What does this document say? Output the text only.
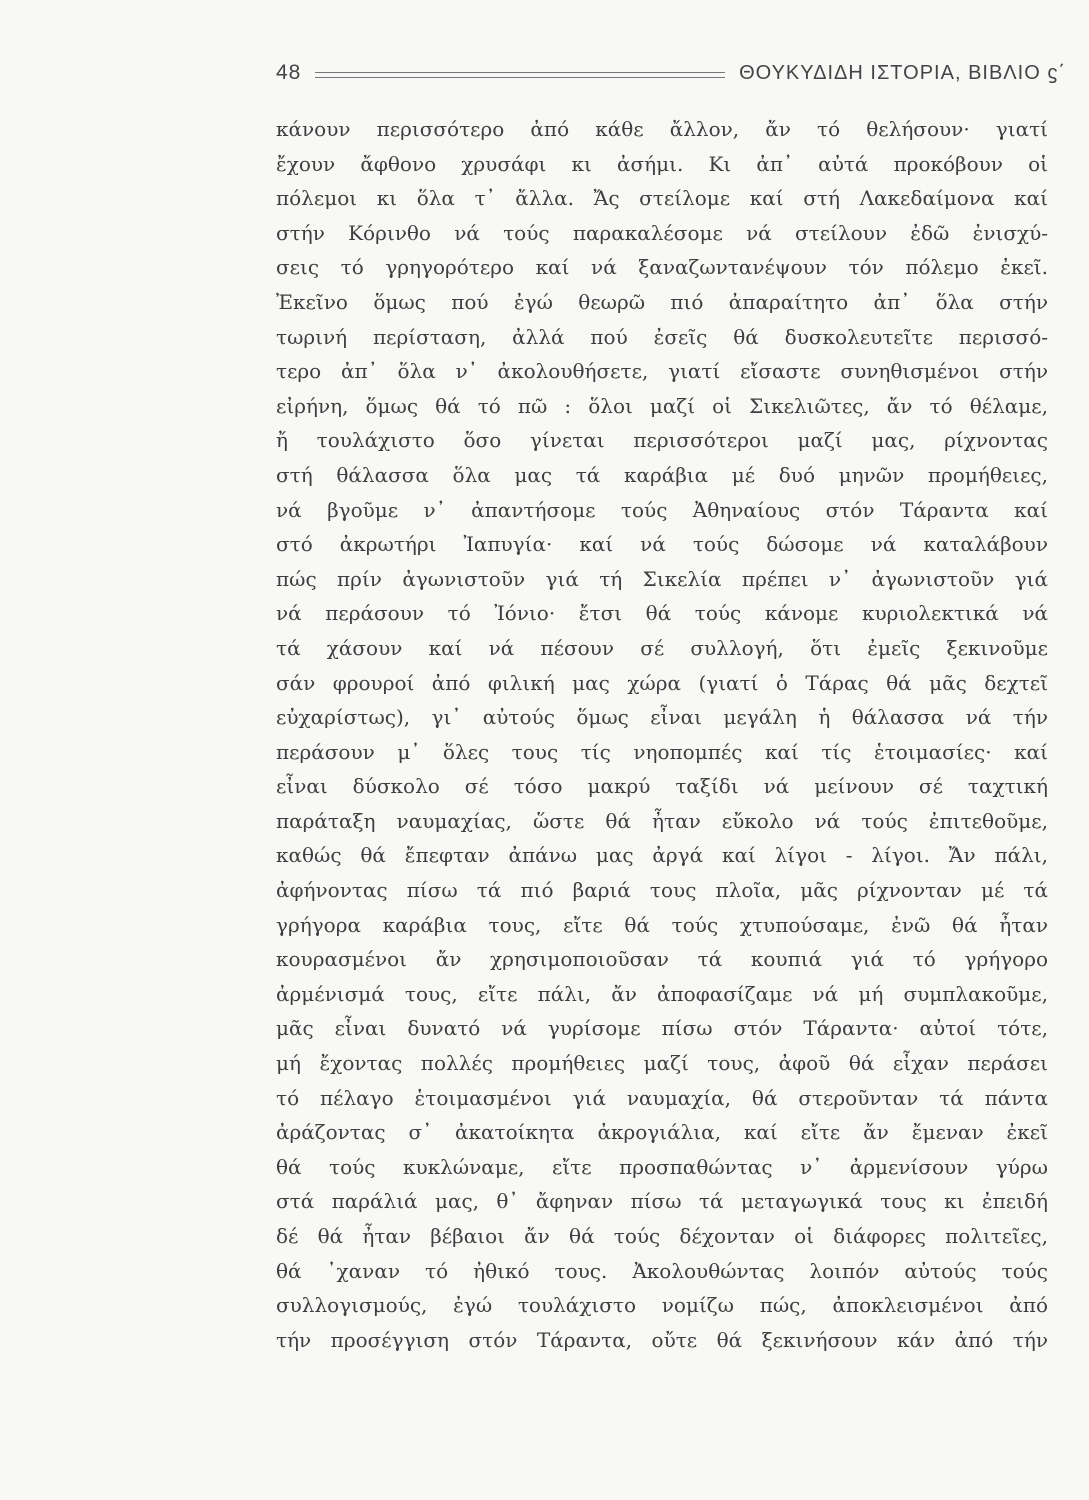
48	ΘΟΥΚΥΔΙΔΗ ΙΣΤΟΡΙΑ, ΒΙΒΛΙΟ ϛ΄
κάνουν περισσότερο ἀπό κάθε ἄλλον, ἄν τό θελήσουν· γιατί
ἔχουν ἄφθονο χρυσάφι κι ἀσήμι. Κι ἀπ᾽ αὐτά προκόβουν οἱ
πόλεμοι κι ὅλα τ᾽ ἄλλα. Ἄς στείλομε καί στή Λακεδαίμονα καί
στήν Κόρινθο νά τούς παρακαλέσομε νά στείλουν ἐδῶ ἐνισχύ-
σεις τό γρηγορότερο καί νά ξαναζωντανέψουν τόν πόλεμο ἐκεῖ.
Ἐκεῖνο ὅμως πού ἐγώ θεωρῶ πιό ἀπαραίτητο ἀπ᾽ ὅλα στήν
τωρινή περίσταση, ἀλλά πού ἐσεῖς θά δυσκολευτεῖτε περισσό-
τερο ἀπ᾽ ὅλα ν᾽ ἀκολουθήσετε, γιατί εἴσαστε συνηθισμένοι στήν
εἰρήνη, ὅμως θά τό πῶ : ὅλοι μαζί οἱ Σικελιῶτες, ἄν τό θέλαμε,
ἤ τουλάχιστο ὅσο γίνεται περισσότεροι μαζί μας, ρίχνοντας
στή θάλασσα ὅλα μας τά καράβια μέ δυό μηνῶν προμήθειες,
νά βγοῦμε ν᾽ ἀπαντήσομε τούς Ἀθηναίους στόν Τάραντα καί
στό ἀκρωτήρι Ἰαπυγία· καί νά τούς δώσομε νά καταλάβουν
πώς πρίν ἀγωνιστοῦν γιά τή Σικελία πρέπει ν᾽ ἀγωνιστοῦν γιά
νά περάσουν τό Ἰόνιο· ἔτσι θά τούς κάνομε κυριολεκτικά νά
τά χάσουν καί νά πέσουν σέ συλλογή, ὅτι ἐμεῖς ξεκινοῦμε
σάν φρουροί ἀπό φιλική μας χώρα (γιατί ὁ Τάρας θά μᾶς δεχτεῖ
εὐχαρίστως), γι᾽ αὐτούς ὅμως εἶναι μεγάλη ἡ θάλασσα νά τήν
περάσουν μ᾽ ὅλες τους τίς νηοπομπές καί τίς ἑτοιμασίες· καί
εἶναι δύσκολο σέ τόσο μακρύ ταξίδι νά μείνουν σέ ταχτική
παράταξη ναυμαχίας, ὥστε θά ἦταν εὔκολο νά τούς ἐπιτεθοῦμε,
καθώς θά ἔπεφταν ἀπάνω μας ἀργά καί λίγοι - λίγοι. Ἄν πάλι,
ἀφήνοντας πίσω τά πιό βαριά τους πλοῖα, μᾶς ρίχνονταν μέ τά
γρήγορα καράβια τους, εἴτε θά τούς χτυπούσαμε, ἐνῶ θά ἦταν
κουρασμένοι ἄν χρησιμοποιοῦσαν τά κουπιά γιά τό γρήγορο
ἀρμένισμά τους, εἴτε πάλι, ἄν ἀποφασίζαμε νά μή συμπλακοῦμε,
μᾶς εἶναι δυνατό νά γυρίσομε πίσω στόν Τάραντα· αὐτοί τότε,
μή ἔχοντας πολλές προμήθειες μαζί τους, ἀφοῦ θά εἶχαν περάσει
τό πέλαγο ἑτοιμασμένοι γιά ναυμαχία, θά στεροῦνταν τά πάντα
ἀράζοντας σ᾽ ἀκατοίκητα ἀκρογιάλια, καί εἴτε ἄν ἔμεναν ἐκεῖ
θά τούς κυκλώναμε, εἴτε προσπαθώντας ν᾽ ἀρμενίσουν γύρω
στά παράλιά μας, θ᾽ ἄφηναν πίσω τά μεταγωγικά τους κι ἐπειδή
δέ θά ἦταν βέβαιοι ἄν θά τούς δέχονταν οἱ διάφορες πολιτεῖες,
θά ᾽χαναν τό ἠθικό τους. Ἀκολουθώντας λοιπόν αὐτούς τούς
συλλογισμούς, ἐγώ τουλάχιστο νομίζω πώς, ἀποκλεισμένοι ἀπό
τήν προσέγγιση στόν Τάραντα, οὔτε θά ξεκινήσουν κάν ἀπό τήν
